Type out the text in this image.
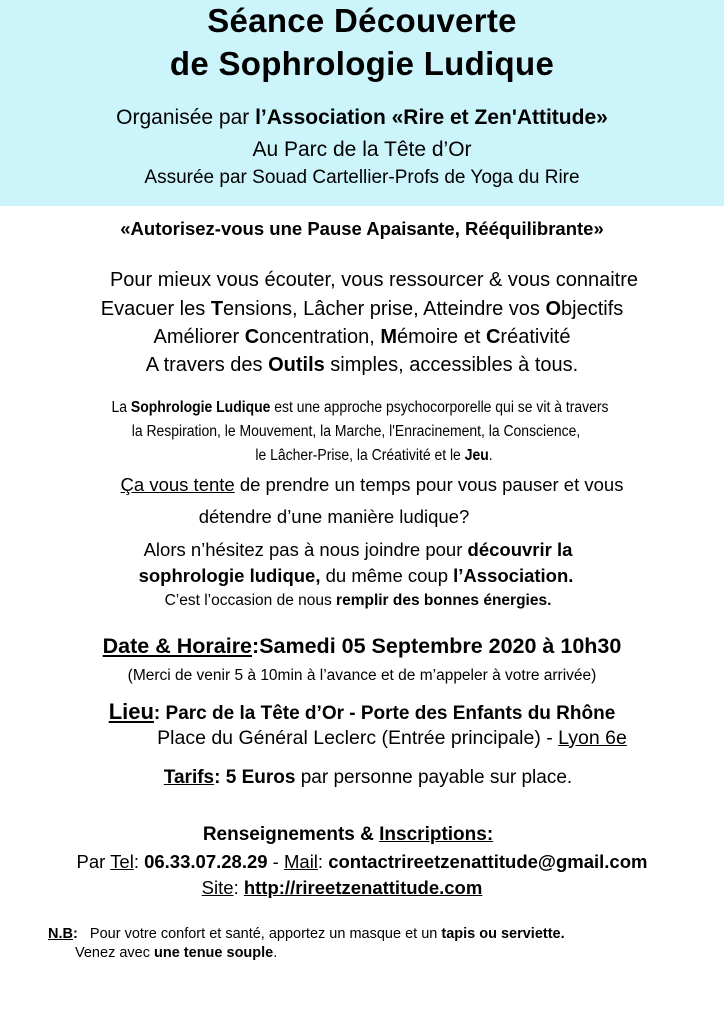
Séance Découverte
de Sophrologie Ludique
Organisée par l’Association «Rire et Zen'Attitude»
Au Parc de la Tête d’Or
Assurée par Souad Cartellier-Profs de Yoga du Rire
«Autorisez-vous une Pause Apaisante, Rééquilibrante»
Pour mieux vous écouter, vous ressourcer & vous connaitre
Evacuer les Tensions, Lâcher prise, Atteindre vos Objectifs
Améliorer Concentration, Mémoire et Créativité
A travers des Outils simples, accessibles à tous.
La Sophrologie Ludique est une approche psychocorporelle qui se vit à travers
la Respiration, le Mouvement, la Marche, l'Enracinement, la Conscience,
le Lâcher-Prise, la Créativité et le Jeu.
Ça vous tente de prendre un temps pour vous pauser et vous
détendre d’une manière ludique?
Alors n’hésitez pas à nous joindre pour découvrir la
sophrologie ludique, du même coup l’Association.
C’est l’occasion de nous remplir des bonnes énergies.
Date & Horaire:Samedi 05 Septembre 2020 à 10h30
(Merci de venir 5 à 10min à l’avance et de m’appeler à votre arrivée)
Lieu: Parc de la Tête d’Or - Porte des Enfants du Rhône
Place du Général Leclerc (Entrée principale) - Lyon 6e
Tarifs: 5 Euros par personne payable sur place.
Renseignements & Inscriptions:
Par Tel: 06.33.07.28.29 - Mail: contactrireetzenattitude@gmail.com
Site: http://rireetzenattitude.com
N.B:   Pour votre confort et santé, apportez un masque et un tapis ou serviette.
Venez avec une tenue souple.
